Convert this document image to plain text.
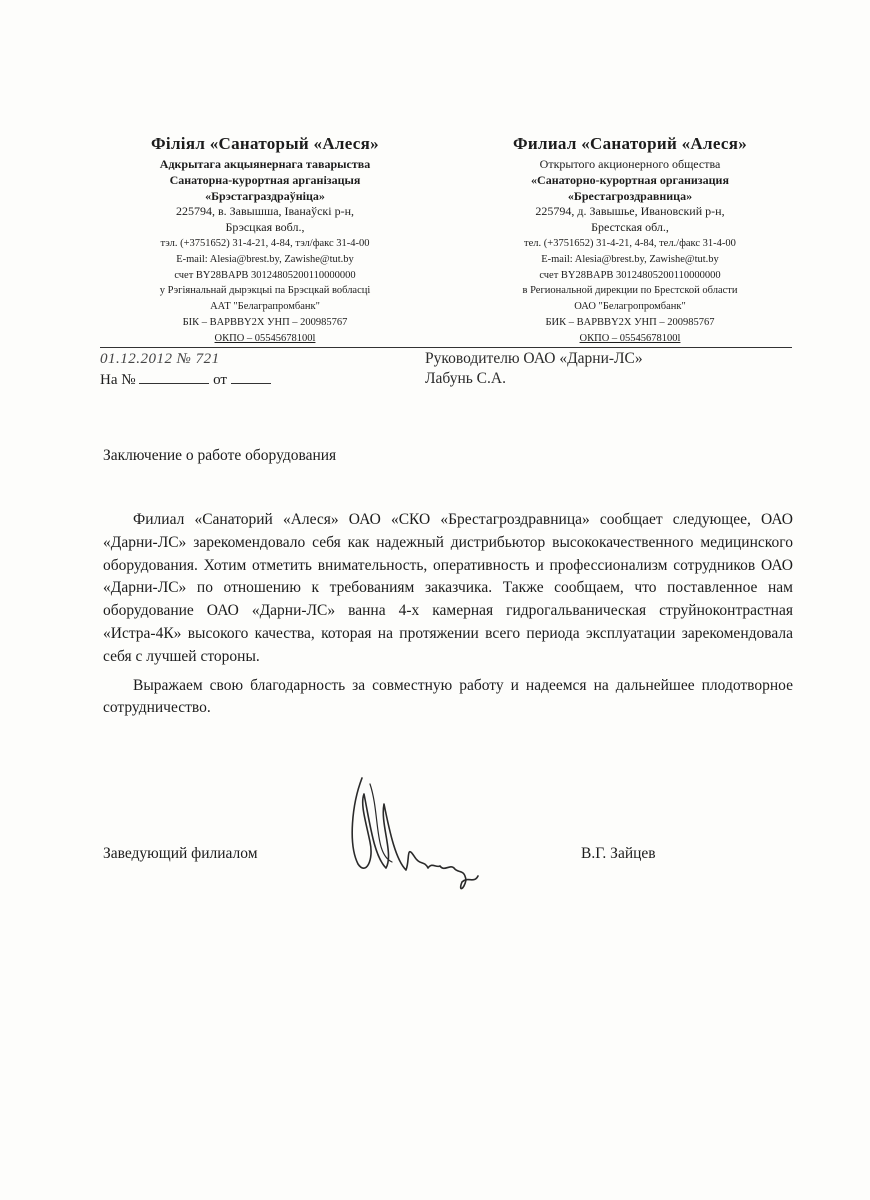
Філіял «Санаторый «Алеся»
Адкрытага акцыянернага таварыства
Санаторна-курортная арганізацыя
«Брэстаграздраўніца»
225794, в. Завышша, Іванаўскі р-н,
Брэсцкая вобл.,
тэл. (+3751652) 31-4-21, 4-84, тэл/факс 31-4-00
E-mail: Alesia@brest.by, Zawishe@tut.by
счет BY28BAPB 30124805200110000000
у Рэгіянальнай дырэкцыі па Брэсцкай вобласці
ААТ "Белаграпромбанк"
БІК – BAPBBY2X УНП – 200985767
ОКПО – 05545678100l
Филиал «Санаторий «Алеся»
Открытого акционерного общества
«Санаторно-курортная организация
«Брестагроздравница»
225794, д. Завышье, Ивановский р-н,
Брестская обл.,
тел. (+3751652) 31-4-21, 4-84, тел./факс 31-4-00
E-mail: Alesia@brest.by, Zawishe@tut.by
счет BY28BAPB 30124805200110000000
в Региональной дирекции по Брестской области
ОАО "Белагропромбанк"
БИК – BAPBBY2X УНП – 200985767
ОКПО – 05545678100l
01.12.2012 № 721
На №	от
Руководителю ОАО «Дарни-ЛС»
Лабунь С.А.
Заключение о работе оборудования

Филиал «Санаторий «Алеся» ОАО «СКО «Брестагроздравница» сообщает следующее, ОАО «Дарни-ЛС» зарекомендовало себя как надежный дистрибьютор высококачественного медицинского оборудования. Хотим отметить внимательность, оперативность и профессионализм сотрудников ОАО «Дарни-ЛС» по отношению к требованиям заказчика. Также сообщаем, что поставленное нам оборудование ОАО «Дарни-ЛС» ванна 4-х камерная гидрогальваническая струйноконтрастная «Истра-4К» высокого качества, которая на протяжении всего периода эксплуатации зарекомендовала себя с лучшей стороны.

Выражаем свою благодарность за совместную работу и надеемся на дальнейшее плодотворное сотрудничество.

Заведующий филиалом	В.Г. Зайцев
